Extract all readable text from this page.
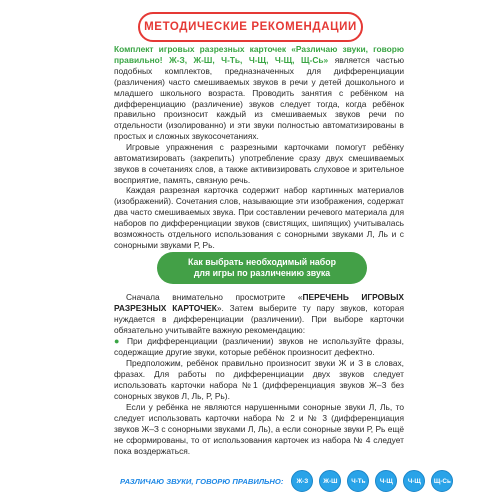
МЕТОДИЧЕСКИЕ РЕКОМЕНДАЦИИ

Комплект игровых разрезных карточек «Различаю звуки, говорю правильно! Ж-З, Ж-Ш, Ч-Ть, Ч-Щ, Ч-Щ, Щ-Сь» является частью подобных комплектов, предназначенных для дифференциации (различения) часто смешиваемых звуков в речи у детей дошкольного и младшего школьного возраста. Проводить занятия с ребёнком на дифференциацию (различение) звуков следует тогда, когда ребёнок правильно произносит каждый из смешиваемых звуков речи по отдельности (изолированно) и эти звуки полностью автоматизированы в простых и сложных звукосочетаниях.

Игровые упражнения с разрезными карточками помогут ребёнку автоматизировать (закрепить) употребление сразу двух смешиваемых звуков в сочетаниях слов, а также активизировать слуховое и зрительное восприятие, память, связную речь.

Каждая разрезная карточка содержит набор картинных материалов (изображений). Сочетания слов, называющие эти изображения, содержат два часто смешиваемых звука. При составлении речевого материала для наборов по дифференциации звуков (свистящих, шипящих) учитывалась возможность отдельного использования с сонорными звуками Л, Ль и с сонорными звуками Р, Рь.

Как выбрать необходимый набор
для игры по различению звука

Сначала внимательно просмотрите «ПЕРЕЧЕНЬ ИГРОВЫХ РАЗРЕЗНЫХ КАРТОЧЕК». Затем выберите ту пару звуков, которая нуждается в дифференциации (различении). При выборе карточки обязательно учитывайте важную рекомендацию:

● При дифференциации (различении) звуков не используйте фразы, содержащие другие звуки, которые ребёнок произносит дефектно.

Предположим, ребёнок правильно произносит звуки Ж и З в словах, фразах. Для работы по дифференциации двух звуков следует использовать карточки набора №1 (дифференциация звуков Ж–З без сонорных звуков Л, Ль, Р, Рь).

Если у ребёнка не являются нарушенными сонорные звуки Л, Ль, то следует использовать карточки набора № 2 и № 3 (дифференциация звуков Ж–З с сонорными звуками Л, Ль), а если сонорные звуки Р, Рь ещё не сформированы, то от использования карточек из набора № 4 следует пока воздержаться.

РАЗЛИЧАЮ ЗВУКИ, ГОВОРЮ ПРАВИЛЬНО:	Ж-З	Ж-Ш	Ч-Ть	Ч-Щ	Ч-Щ	Щ-Сь
